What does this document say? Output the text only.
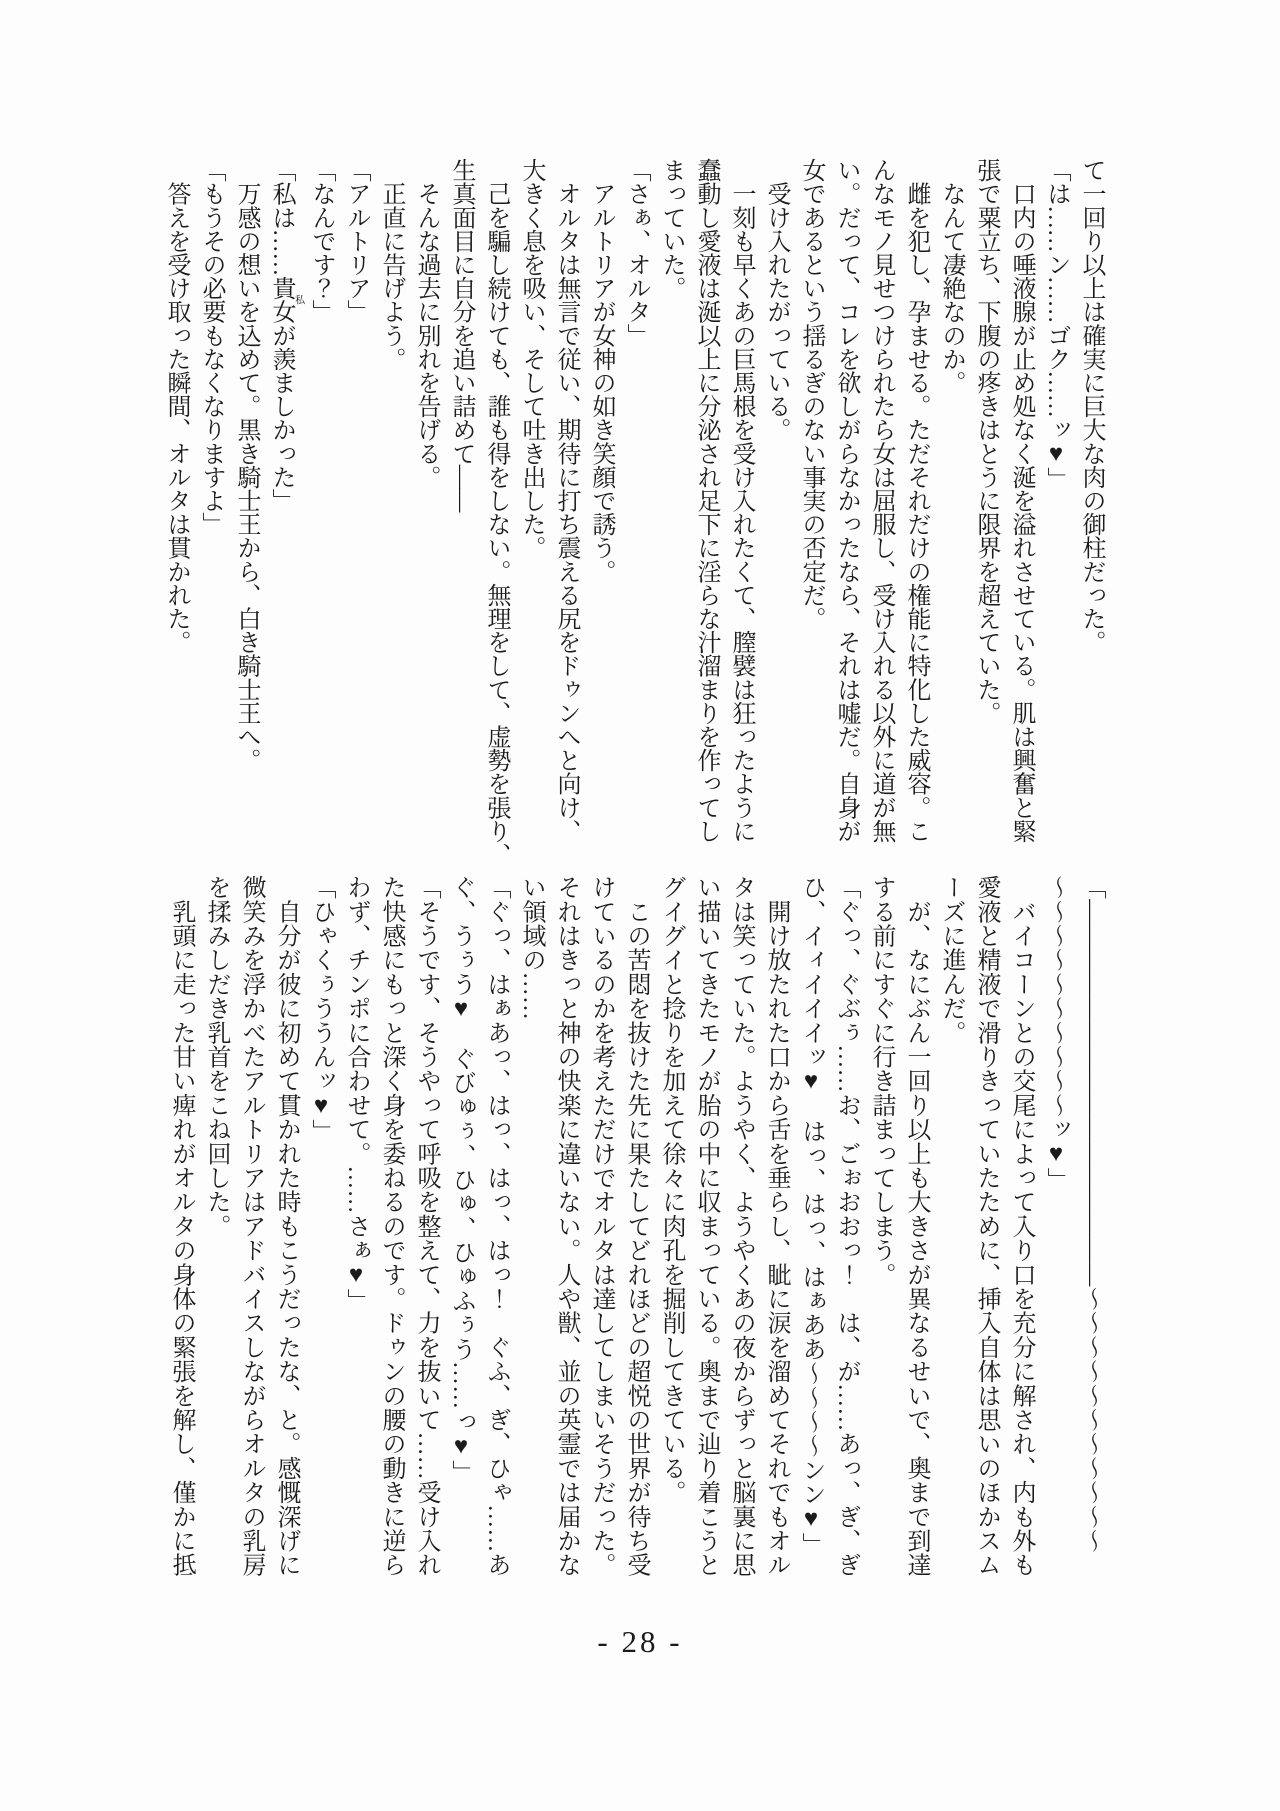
て一回り以上は確実に巨大な肉の御柱だった。
「は……ン……ゴク……ッ♥」
　口内の唾液腺が止め処なく涎を溢れさせている。肌は興奮と緊
張で粟立ち、下腹の疼きはとうに限界を超えていた。
　なんて凄絶なのか。
　雌を犯し、孕ませる。ただそれだけの権能に特化した威容。こ
んなモノ見せつけられたら女は屈服し、受け入れる以外に道が無
い。だって、コレを欲しがらなかったなら、それは嘘だ。自身が
女であるという揺るぎのない事実の否定だ。
　受け入れたがっている。
　一刻も早くあの巨馬根を受け入れたくて、膣襞は狂ったように
蠢動し愛液は涎以上に分泌され足下に淫らな汁溜まりを作ってし
まっていた。
「さぁ、オルタ」
　アルトリアが女神の如き笑顔で誘う。
　オルタは無言で従い、期待に打ち震える尻をドゥンへと向け、
大きく息を吸い、そして吐き出した。
　己を騙し続けても、誰も得をしない。無理をして、虚勢を張り、
生真面目に自分を追い詰めて――
　そんな過去に別れを告げる。
　正直に告げよう。
「アルトリア」
「なんです？」
「私は……貴女私が羨ましかった」
　万感の想いを込めて。黒き騎士王から、白き騎士王へ。
「もうその必要もなくなりますよ」
　答えを受け取った瞬間、オルタは貫かれた。
「――――――――――――――――〜〜〜〜〜〜〜〜〜〜〜
〜〜〜〜〜〜〜〜〜〜ッ♥」
　バイコーンとの交尾によって入り口を充分に解され、内も外も
愛液と精液で滑りきっていたために、挿入自体は思いのほかスム
ーズに進んだ。
　が、なにぶん一回り以上も大きさが異なるせいで、奥まで到達
する前にすぐに行き詰まってしまう。
「ぐっ、ぐぶぅ……お、ごぉおおっ！　は、が……あっ、ぎ、ぎ
ひ、イィイイイッ♥　はっ、はっ、はぁああ〜〜〜〜ンン♥」
　開け放たれた口から舌を垂らし、眦に涙を溜めてそれでもオル
タは笑っていた。ようやく、ようやくあの夜からずっと脳裏に思
い描いてきたモノが胎の中に収まっている。奥まで辿り着こうと
グイグイと捻りを加えて徐々に肉孔を掘削してきている。
　この苦悶を抜けた先に果たしてどれほどの超悦の世界が待ち受
けているのかを考えただけでオルタは達してしまいそうだった。
それはきっと神の快楽に違いない。人や獣、並の英霊では届かな
い領域の……
「ぐっ、はぁあっ、はっ、はっ、はっ！　ぐふ、ぎ、ひゃ……あ
ぐ、うぅう♥　ぐびゅぅ、ひゅ、ひゅふぅう……っ♥」
「そうです、そうやって呼吸を整えて、力を抜いて……受け入れ
た快感にもっと深く身を委ねるのです。ドゥンの腰の動きに逆ら
わず、チンポに合わせて。……さぁ♥」
「ひゃくぅううんッ♥」
　自分が彼に初めて貫かれた時もこうだったな、と。感慨深げに
微笑みを浮かべたアルトリアはアドバイスしながらオルタの乳房
を揉みしだき乳首をこね回した。
　乳頭に走った甘い痺れがオルタの身体の緊張を解し、僅かに抵
- 28 -
